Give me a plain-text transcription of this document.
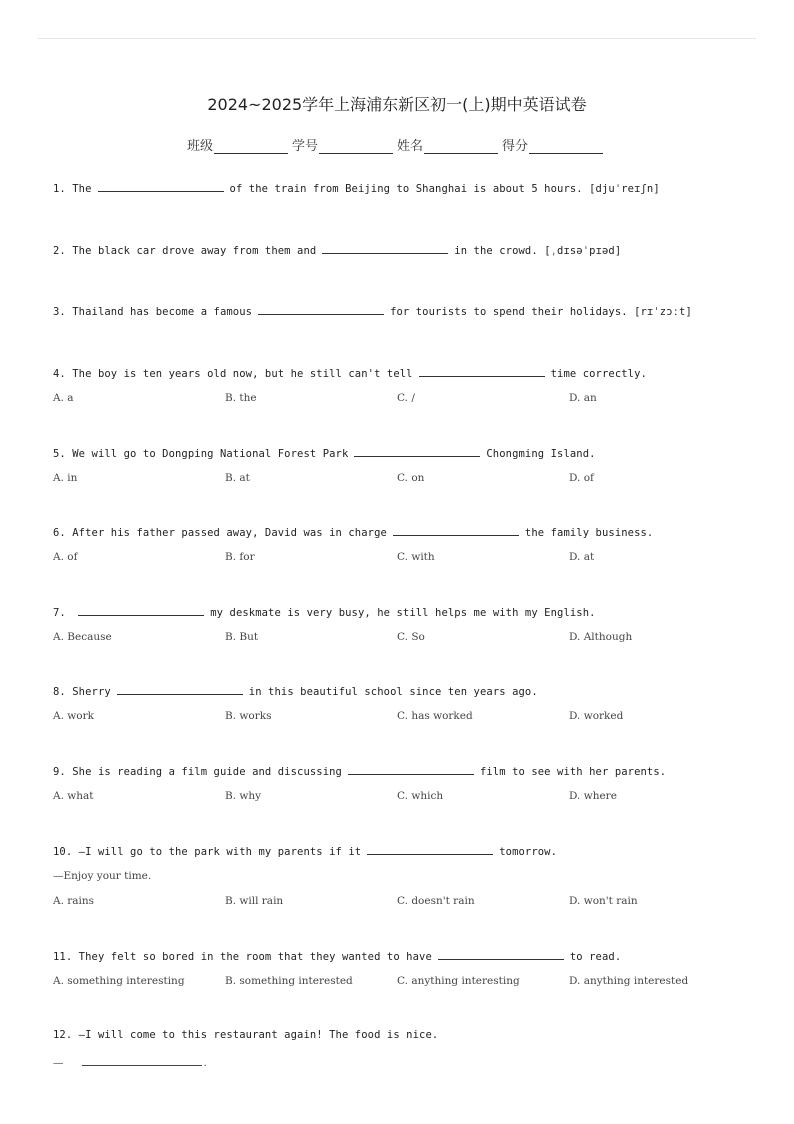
2024~2025学年上海浦东新区初一(上)期中英语试卷
班级	学号	姓名	得分
1. The	of the train from Beijing to Shanghai is about 5 hours. [djuˈreɪʃn]
2. The black car drove away from them and	in the crowd. [ˌdɪsəˈpɪəd]
3. Thailand has become a famous	for tourists to spend their holidays. [rɪˈzɔːt]
4. The boy is ten years old now, but he still can't tell	time correctly.
A. a	B. the	C. /	D. an
5. We will go to Dongping National Forest Park	Chongming Island.
A. in	B. at	C. on	D. of
6. After his father passed away, David was in charge	the family business.
A. of	B. for	C. with	D. at
7.	my deskmate is very busy, he still helps me with my English.
A. Because	B. But	C. So	D. Although
8. Sherry	in this beautiful school since ten years ago.
A. work	B. works	C. has worked	D. worked
9. She is reading a film guide and discussing	film to see with her parents.
A. what	B. why	C. which	D. where
10. —I will go to the park with my parents if it	tomorrow.
—Enjoy your time.
A. rains	B. will rain	C. doesn't rain	D. won't rain
11. They felt so bored in the room that they wanted to have	to read.
A. something interesting	B. something interested	C. anything interesting	D. anything interested
12. —I will come to this restaurant again! The food is nice.
—	.
